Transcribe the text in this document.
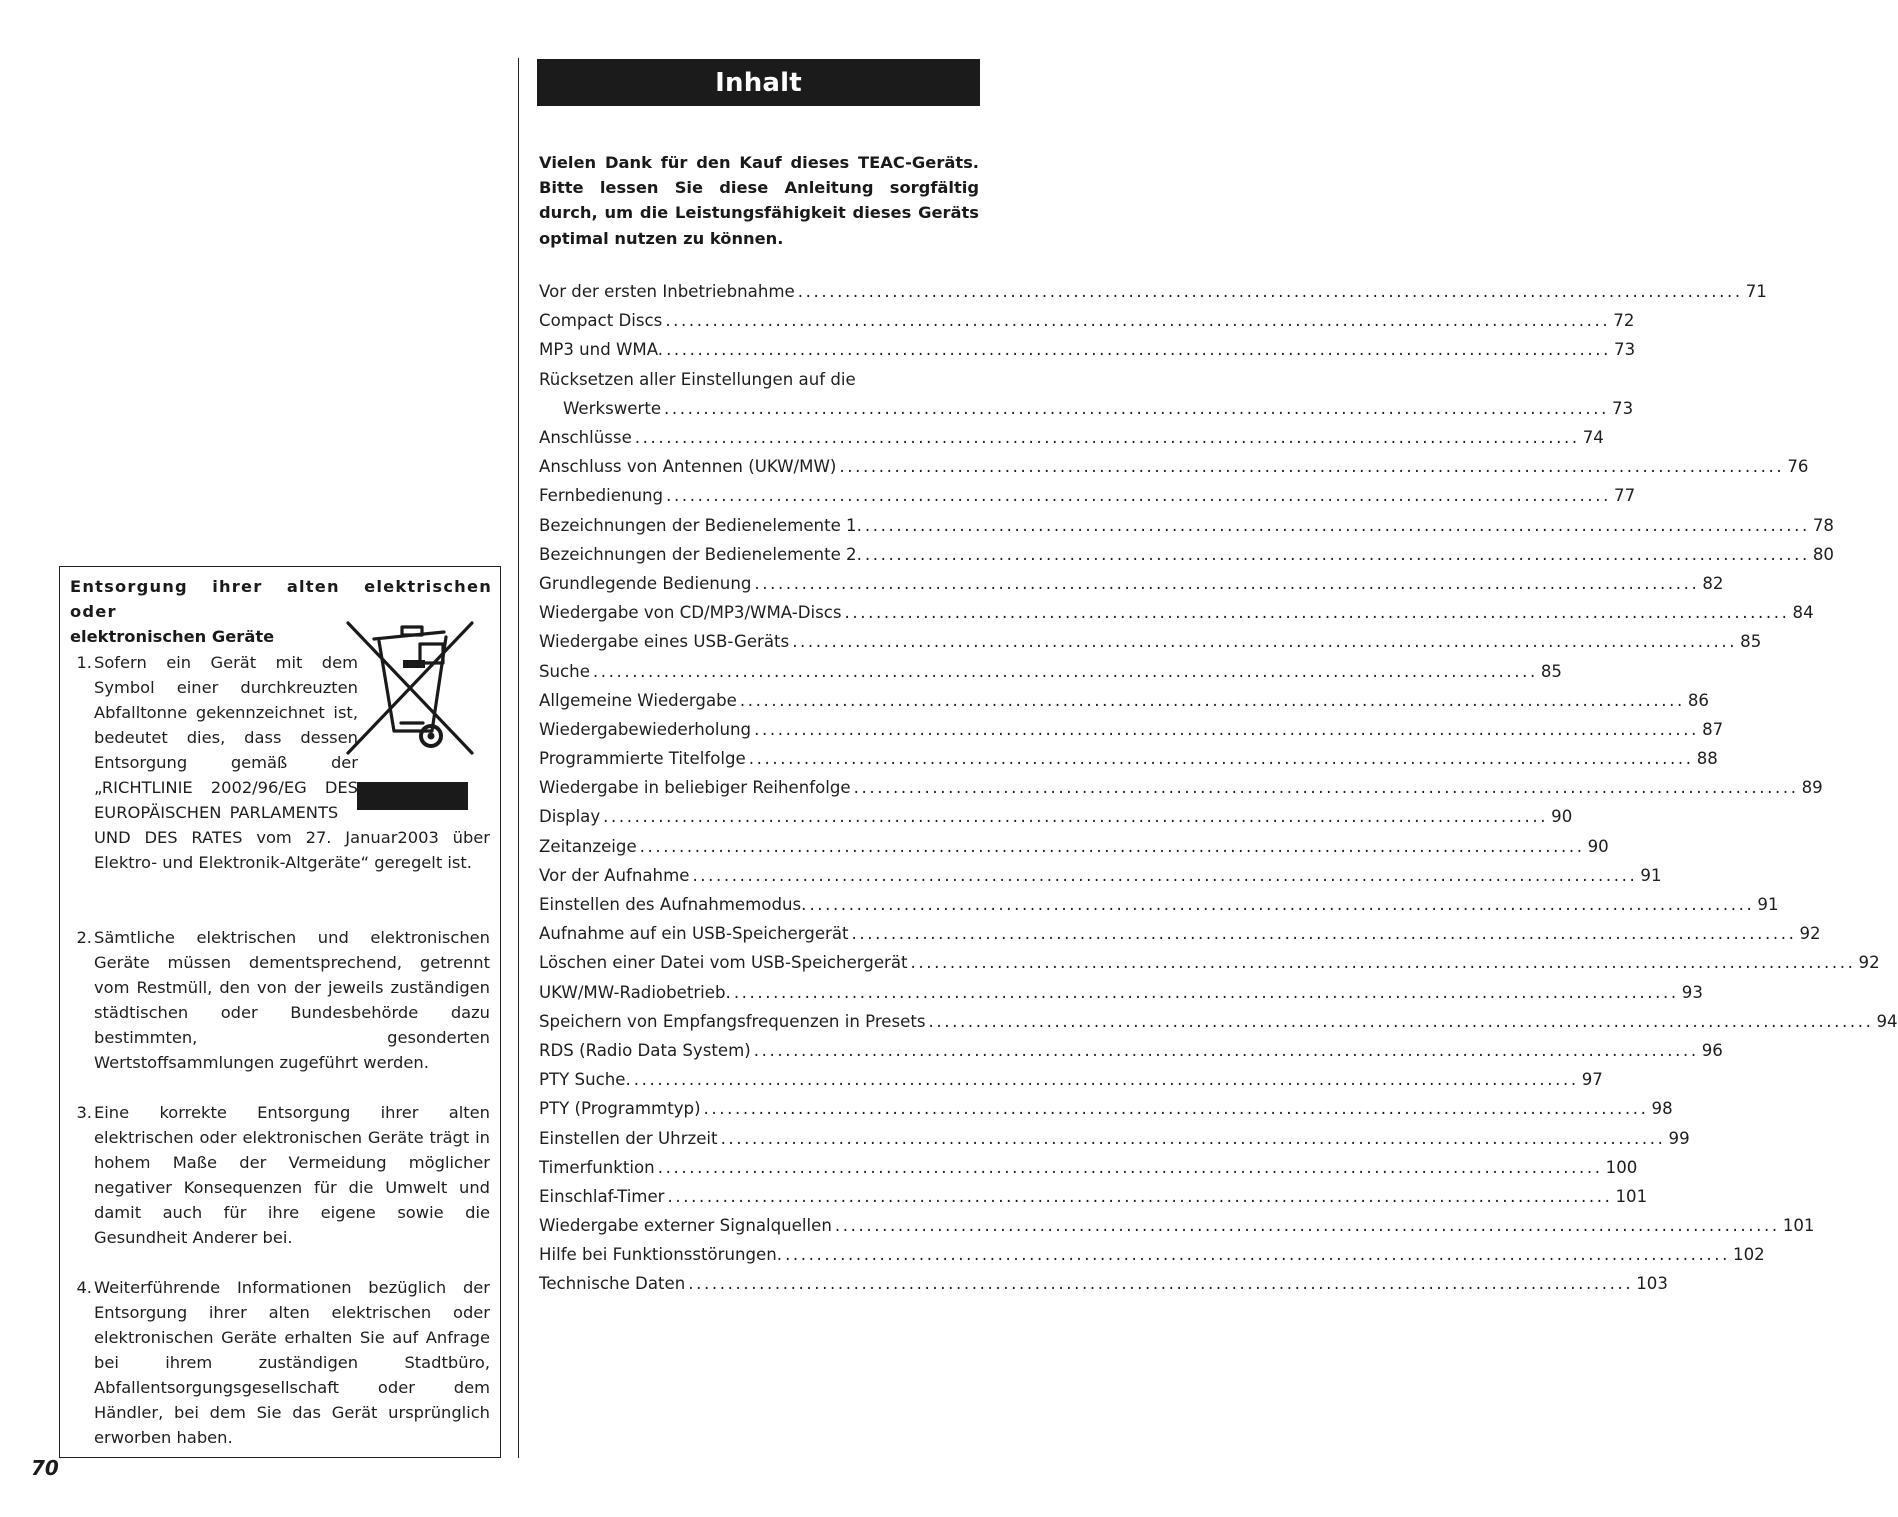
Inhalt
Vielen Dank für den Kauf dieses TEAC-Geräts. Bitte lessen Sie diese Anleitung sorgfältig durch, um die Leistungsfähigkeit dieses Geräts optimal nutzen zu können.
Vor der ersten Inbetriebnahme ........................................................................................................................ 71
Compact Discs ........................................................................................................................ 72
MP3 und WMA. ........................................................................................................................ 73
Rücksetzen aller Einstellungen auf die
Werkswerte ........................................................................................................................ 73
Anschlüsse ........................................................................................................................ 74
Anschluss von Antennen (UKW/MW) ........................................................................................................................ 76
Fernbedienung ........................................................................................................................ 77
Bezeichnungen der Bedienelemente 1. ........................................................................................................................ 78
Bezeichnungen der Bedienelemente 2. ........................................................................................................................ 80
Grundlegende Bedienung ........................................................................................................................ 82
Wiedergabe von CD/MP3/WMA-Discs ........................................................................................................................ 84
Wiedergabe eines USB-Geräts ........................................................................................................................ 85
Suche ........................................................................................................................ 85
Allgemeine Wiedergabe ........................................................................................................................ 86
Wiedergabewiederholung ........................................................................................................................ 87
Programmierte Titelfolge ........................................................................................................................ 88
Wiedergabe in beliebiger Reihenfolge ........................................................................................................................ 89
Display ........................................................................................................................ 90
Zeitanzeige ........................................................................................................................ 90
Vor der Aufnahme ........................................................................................................................ 91
Einstellen des Aufnahmemodus. ........................................................................................................................ 91
Aufnahme auf ein USB-Speichergerät ........................................................................................................................ 92
Löschen einer Datei vom USB-Speichergerät ........................................................................................................................ 92
UKW/MW-Radiobetrieb. ........................................................................................................................ 93
Speichern von Empfangsfrequenzen in Presets ........................................................................................................................ 94
RDS (Radio Data System) ........................................................................................................................ 96
PTY Suche. ........................................................................................................................ 97
PTY (Programmtyp) ........................................................................................................................ 98
Einstellen der Uhrzeit ........................................................................................................................ 99
Timerfunktion ........................................................................................................................ 100
Einschlaf-Timer ........................................................................................................................ 101
Wiedergabe externer Signalquellen ........................................................................................................................ 101
Hilfe bei Funktionsstörungen. ........................................................................................................................ 102
Technische Daten ........................................................................................................................ 103
Entsorgung ihrer alten elektrischen oder
elektronischen Geräte
1. Sofern ein Gerät mit dem Symbol einer durchkreuzten Abfalltonne gekennzeichnet ist, bedeutet dies, dass dessen Entsorgung gemäß der „RICHTLINIE 2002/96/EG DES EUROPÄISCHEN PARLAMENTS
UND DES RATES vom 27. Januar2003 über Elektro- und Elektronik-Altgeräte“ geregelt ist.
2. Sämtliche elektrischen und elektronischen Geräte müssen dementsprechend, getrennt vom Restmüll, den von der jeweils zuständigen städtischen oder Bundesbehörde dazu bestimmten, gesonderten Wertstoffsammlungen zugeführt werden.
3. Eine korrekte Entsorgung ihrer alten elektrischen oder elektronischen Geräte trägt in hohem Maße der Vermeidung möglicher negativer Konsequenzen für die Umwelt und damit auch für ihre eigene sowie die Gesundheit Anderer bei.
4. Weiterführende Informationen bezüglich der Entsorgung ihrer alten elektrischen oder elektronischen Geräte erhalten Sie auf Anfrage bei ihrem zuständigen Stadtbüro, Abfallentsorgungsgesellschaft oder dem Händler, bei dem Sie das Gerät ursprünglich erworben haben.
70
